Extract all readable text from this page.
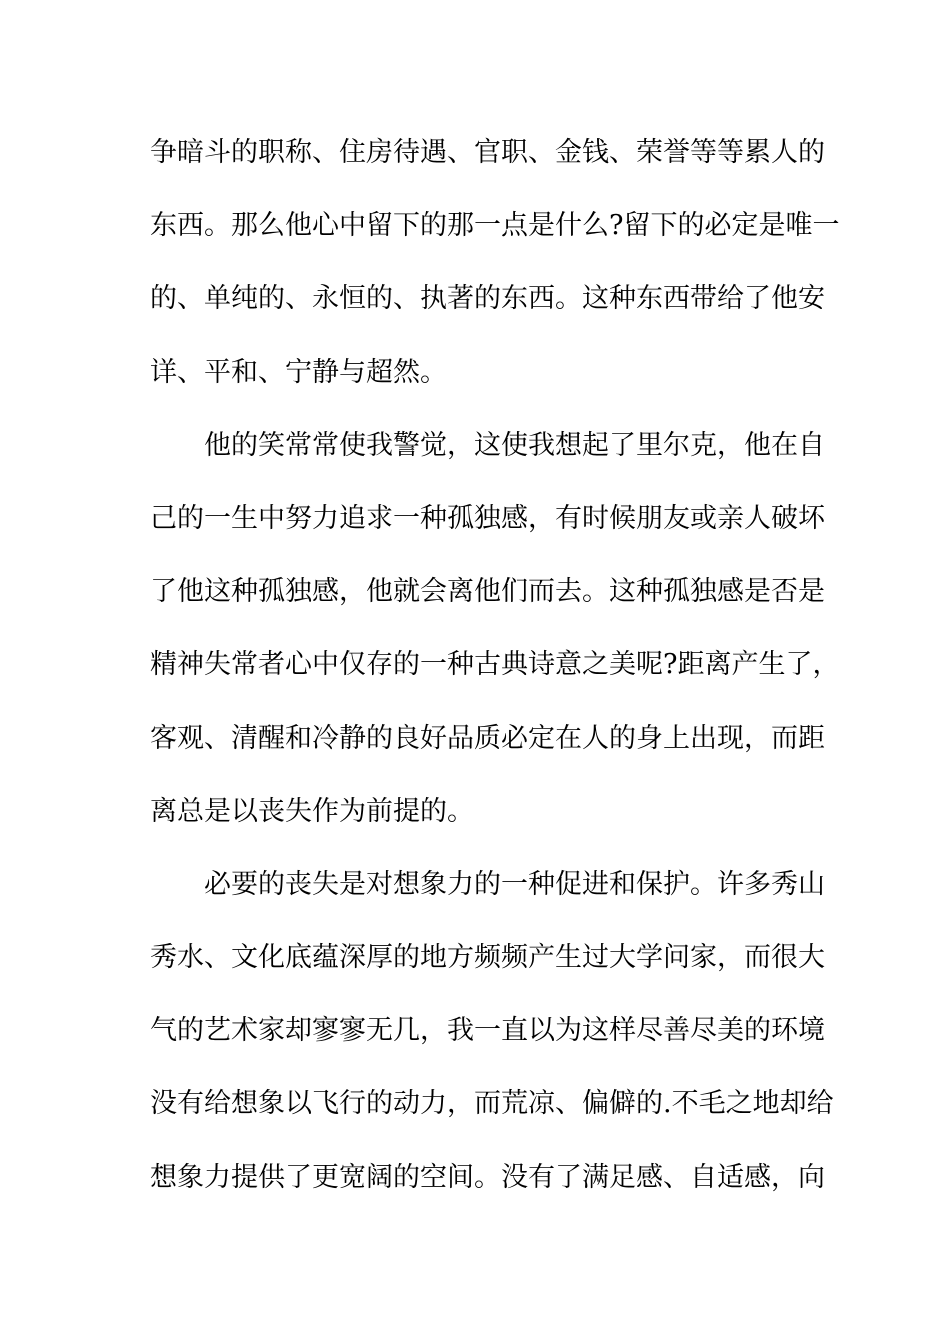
争暗斗的职称、住房待遇、官职、金钱、荣誉等等累人的
东西。那么他心中留下的那一点是什么?留下的必定是唯一
的、单纯的、永恒的、执著的东西。这种东西带给了他安
详、平和、宁静与超然。
他的笑常常使我警觉，这使我想起了里尔克，他在自
己的一生中努力追求一种孤独感，有时候朋友或亲人破坏
了他这种孤独感，他就会离他们而去。这种孤独感是否是
精神失常者心中仅存的一种古典诗意之美呢?距离产生了，
客观、清醒和冷静的良好品质必定在人的身上出现，而距
离总是以丧失作为前提的。
必要的丧失是对想象力的一种促进和保护。许多秀山
秀水、文化底蕴深厚的地方频频产生过大学问家，而很大
气的艺术家却寥寥无几，我一直以为这样尽善尽美的环境
没有给想象以飞行的动力，而荒凉、偏僻的.不毛之地却给
想象力提供了更宽阔的空间。没有了满足感、自适感，向
